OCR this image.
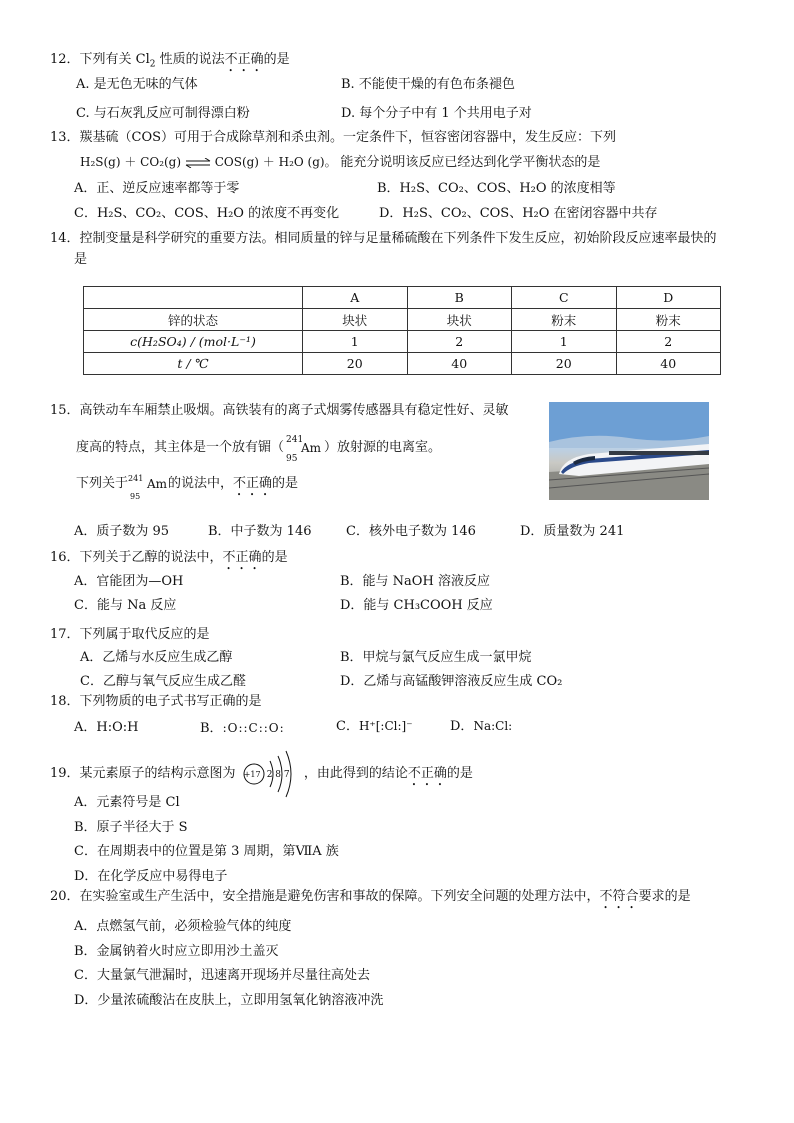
12．下列有关 $Cl_2$ 性质的说法不正确的是
A. 是无色无味的气体	B. 不能使干燥的有色布条褪色
C. 与石灰乳反应可制得漂白粉	D. 每个分子中有 1 个共用电子对
13．羰基硫（COS）可用于合成除草剂和杀虫剂。一定条件下，恒容密闭容器中，发生反应：下列
H₂S(g) ＋ CO₂(g) ⇌ COS(g) ＋ H₂O (g)。 能充分说明该反应已经达到化学平衡状态的是
A．正、逆反应速率都等于零	B．H₂S、CO₂、COS、H₂O 的浓度相等
C．H₂S、CO₂、COS、H₂O 的浓度不再变化	D．H₂S、CO₂、COS、H₂O 在密闭容器中共存
14．控制变量是科学研究的重要方法。相同质量的锌与足量稀硫酸在下列条件下发生反应，初始阶段反应速率最快的
是
	A	B	C	D
锌的状态	块状	块状	粉末	粉末
c(H₂SO₄) / (mol·L⁻¹)	1	2	1	2
t / ℃	20	40	20	40
15．高铁动车车厢禁止吸烟。高铁装有的离子式烟雾传感器具有稳定性好、灵敏
度高的特点，其主体是一个放有镅（ 241
95
Am ）放射源的电离室。
下列关于 241
95
Am 的说法中，不正确的是
A．质子数为 95	B．中子数为 146	C．核外电子数为 146	D．质量数为 241
16．下列关于乙醇的说法中，不正确的是
A．官能团为—OH	B．能与 NaOH 溶液反应
C．能与 Na 反应	D．能与 CH₃COOH 反应
17．下列属于取代反应的是
A．乙烯与水反应生成乙醇	B．甲烷与氯气反应生成一氯甲烷
C．乙醇与氧气反应生成乙醛	D．乙烯与高锰酸钾溶液反应生成 CO₂
18．下列物质的电子式书写正确的是
A．H:O:H	B．:O::C::O:	C．H⁺[:Cl:]⁻	D．Na:Cl:
19．某元素原子的结构示意图为 +17 2 8 7 ，由此得到的结论不正确的是
A．元素符号是 Cl
B．原子半径大于 S
C．在周期表中的位置是第 3 周期，第ⅦA 族
D．在化学反应中易得电子
20．在实验室或生产生活中，安全措施是避免伤害和事故的保障。下列安全问题的处理方法中，不符合要求的是
A．点燃氢气前，必须检验气体的纯度
B．金属钠着火时应立即用沙土盖灭
C．大量氯气泄漏时，迅速离开现场并尽量往高处去
D．少量浓硫酸沾在皮肤上，立即用氢氧化钠溶液冲洗
